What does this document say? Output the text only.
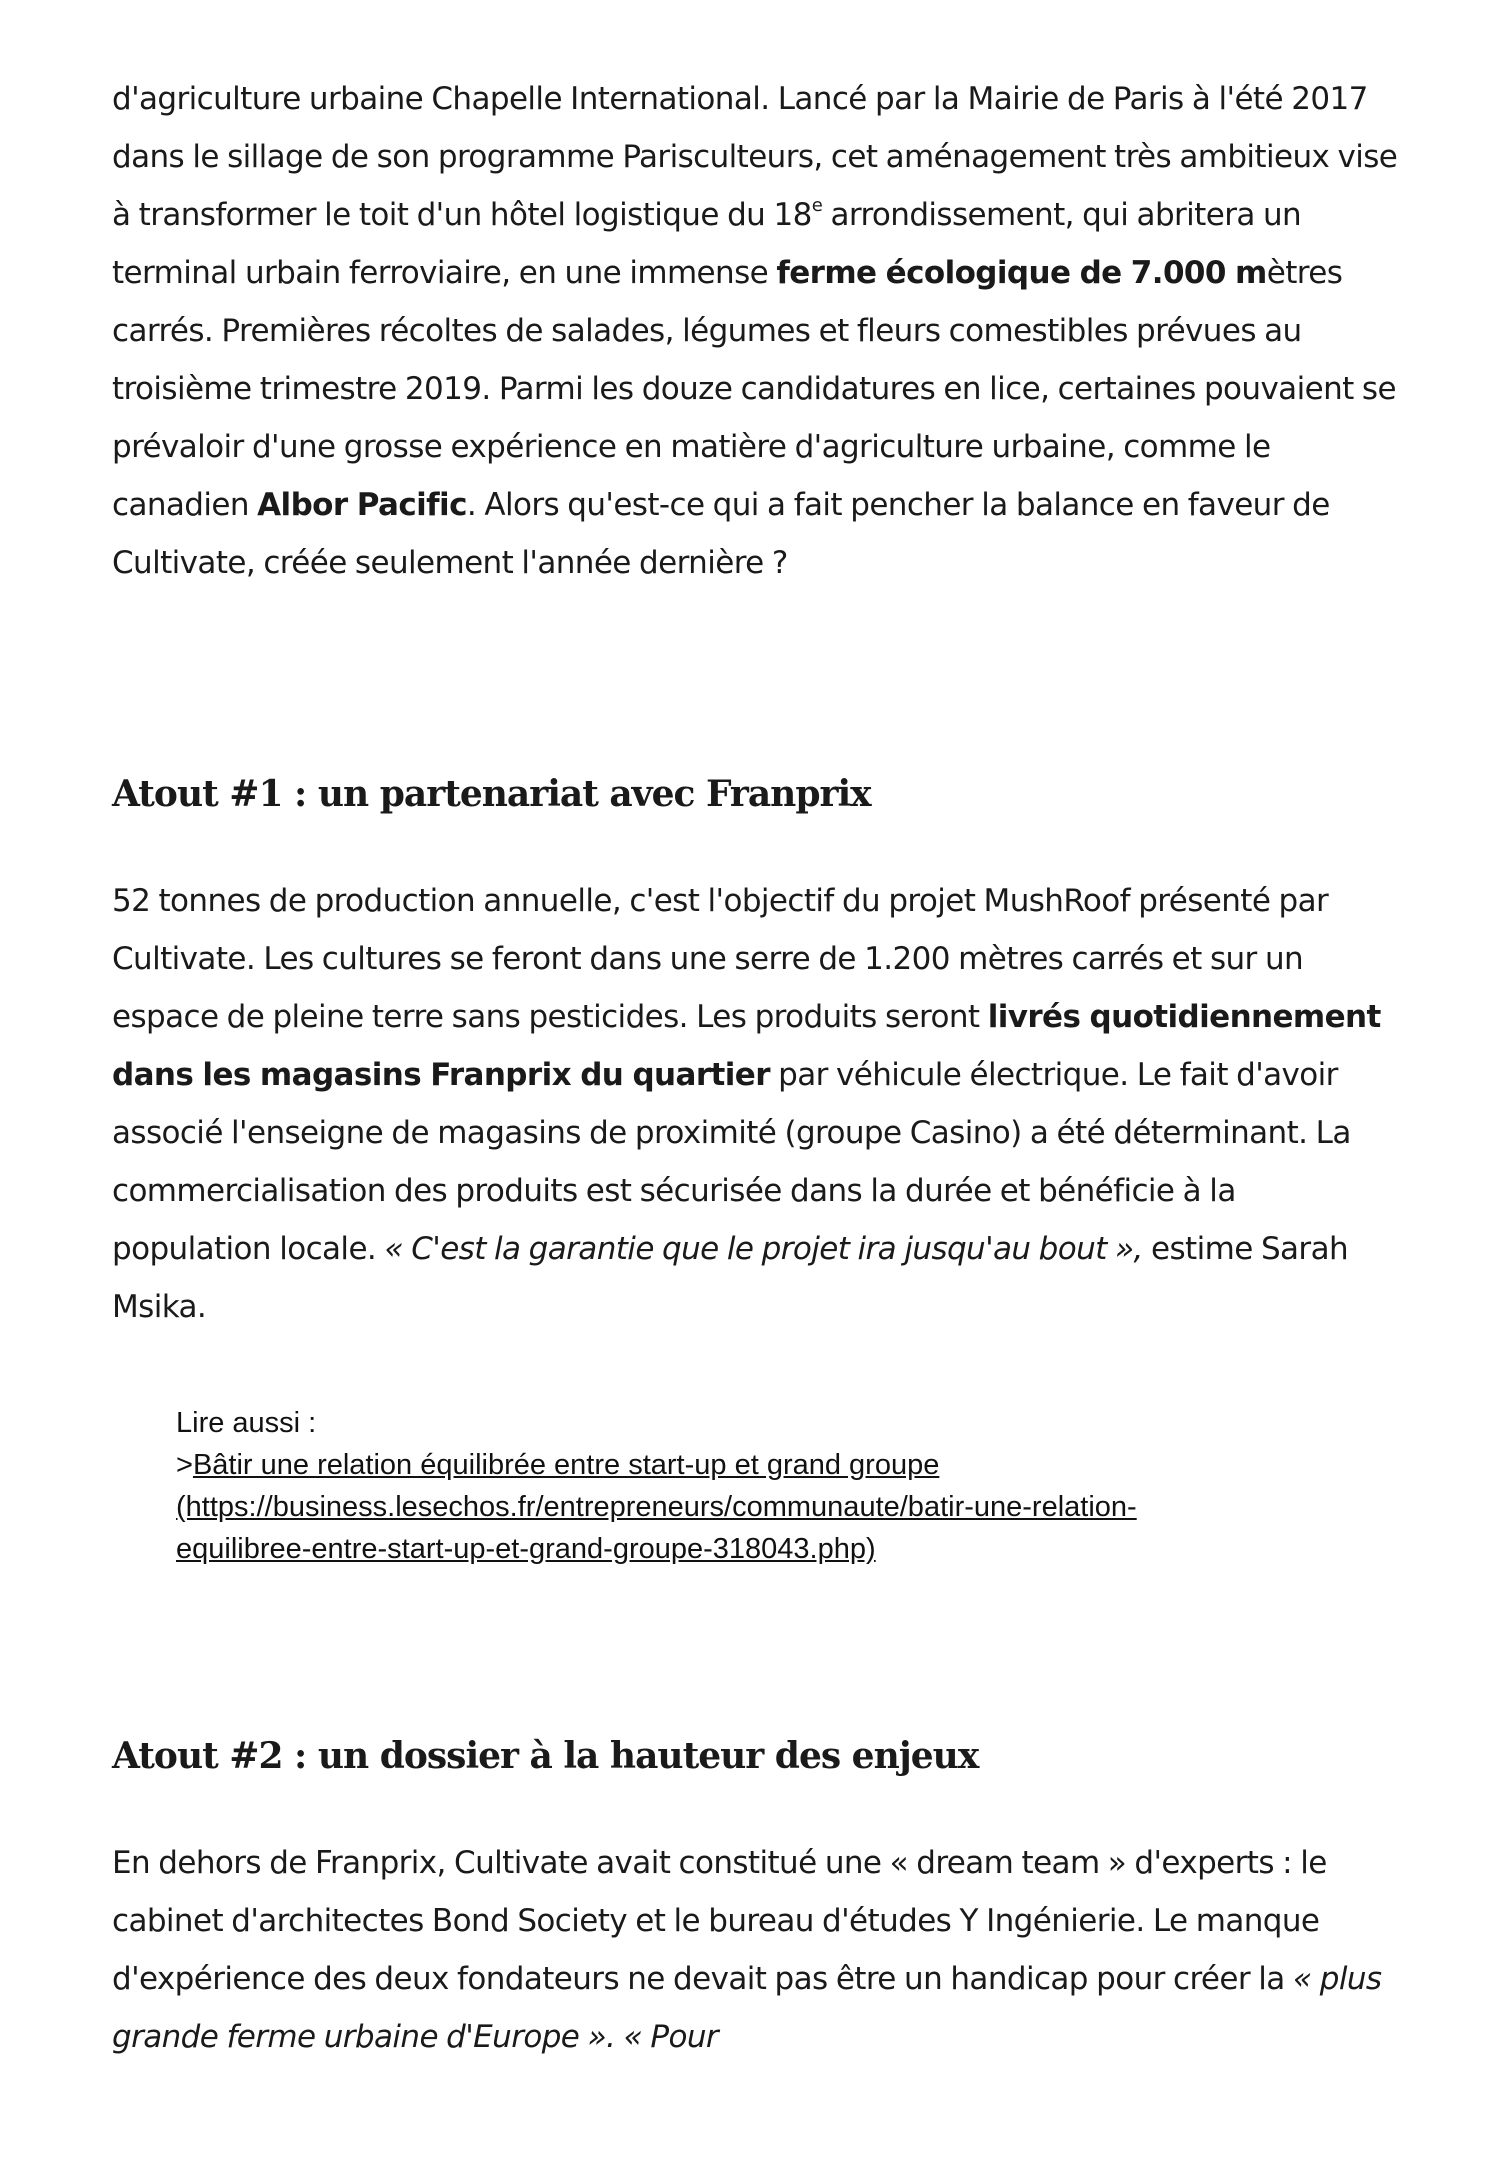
d'agriculture urbaine Chapelle International. Lancé par la Mairie de Paris à l'été 2017 dans le sillage de son programme Parisculteurs, cet aménagement très ambitieux vise à transformer le toit d'un hôtel logistique du 18e arrondissement, qui abritera un terminal urbain ferroviaire, en une immense ferme écologique de 7.000 mètres carrés. Premières récoltes de salades, légumes et fleurs comestibles prévues au troisième trimestre 2019. Parmi les douze candidatures en lice, certaines pouvaient se prévaloir d'une grosse expérience en matière d'agriculture urbaine, comme le canadien Albor Pacific. Alors qu'est-ce qui a fait pencher la balance en faveur de Cultivate, créée seulement l'année dernière ?

Atout #1 : un partenariat avec Franprix

52 tonnes de production annuelle, c'est l'objectif du projet MushRoof présenté par Cultivate. Les cultures se feront dans une serre de 1.200 mètres carrés et sur un espace de pleine terre sans pesticides. Les produits seront livrés quotidiennement dans les magasins Franprix du quartier par véhicule électrique. Le fait d'avoir associé l'enseigne de magasins de proximité (groupe Casino) a été déterminant. La commercialisation des produits est sécurisée dans la durée et bénéficie à la population locale. « C'est la garantie que le projet ira jusqu'au bout », estime Sarah Msika.

Lire aussi :
>Bâtir une relation équilibrée entre start-up et grand groupe
(https://business.lesechos.fr/entrepreneurs/communaute/batir-une-relation-
equilibree-entre-start-up-et-grand-groupe-318043.php)
Atout #2 : un dossier à la hauteur des enjeux

En dehors de Franprix, Cultivate avait constitué une « dream team » d'experts : le cabinet d'architectes Bond Society et le bureau d'études Y Ingénierie. Le manque d'expérience des deux fondateurs ne devait pas être un handicap pour créer la « plus grande ferme urbaine d'Europe ». « Pour
